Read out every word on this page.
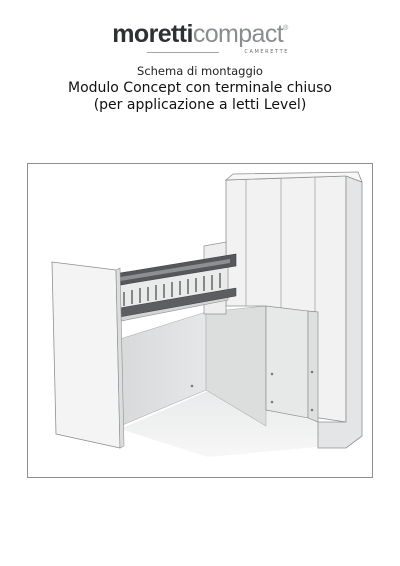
moretticompact®
CAMERETTE
Schema di montaggio
Modulo Concept con terminale chiuso
(per applicazione a letti Level)
